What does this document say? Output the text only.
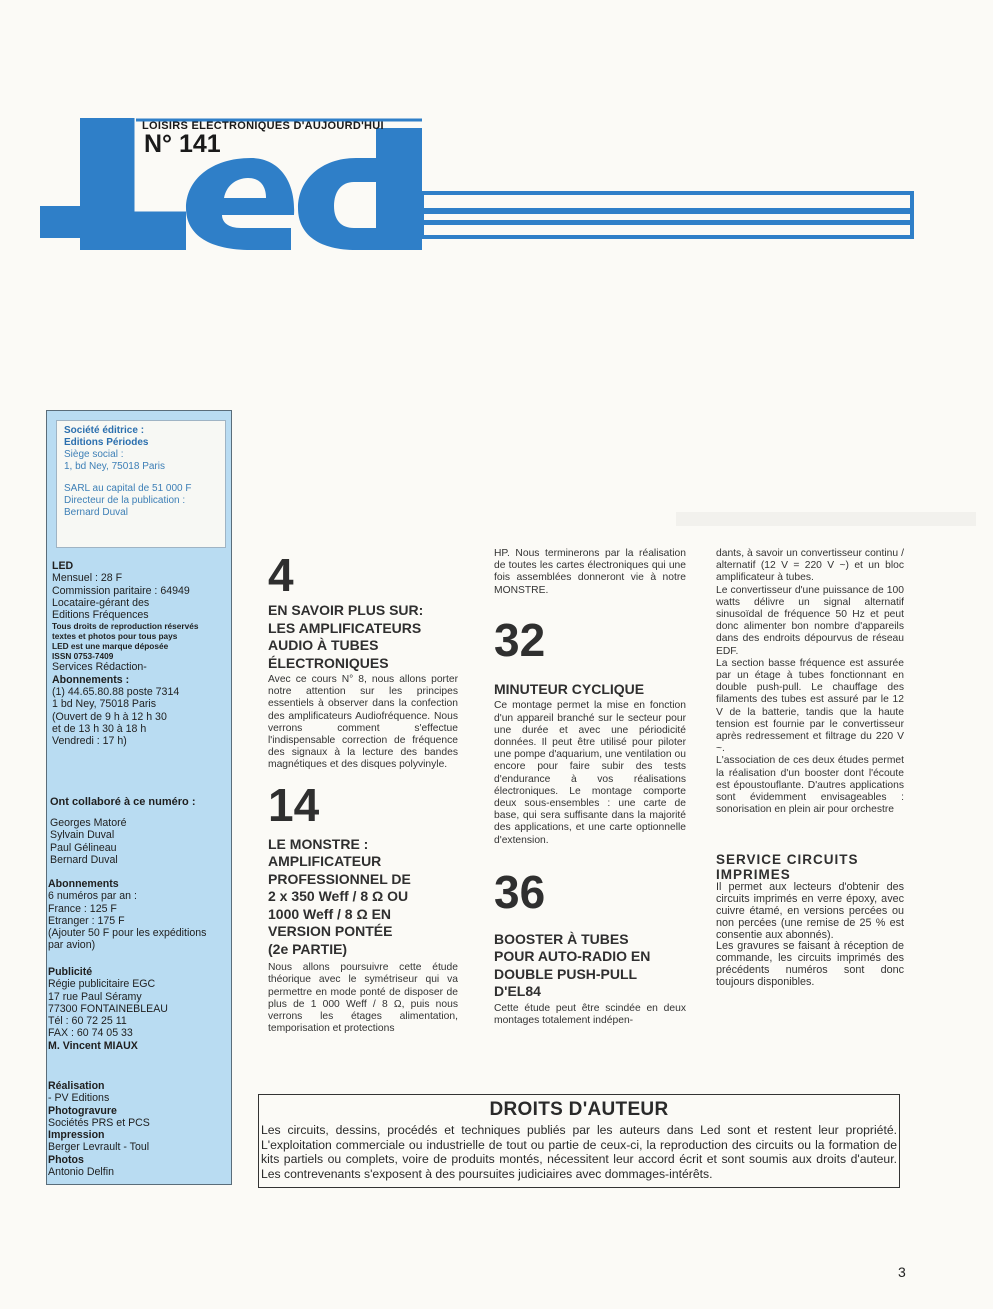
LOISIRS ELECTRONIQUES D'AUJOURD'HUI
N° 141
Société éditrice :
Editions Périodes
Siège social :
1, bd Ney, 75018 Paris
SARL au capital de 51 000 F
Directeur de la publication :
Bernard Duval
LED
Mensuel : 28 F
Commission paritaire : 64949
Locataire-gérant des
Editions Fréquences
Tous droits de reproduction réservés
textes et photos pour tous pays
LED est une marque déposée
ISSN 0753-7409
Services Rédaction-
Abonnements :
(1) 44.65.80.88 poste 7314
1 bd Ney, 75018 Paris
(Ouvert de 9 h à 12 h 30
et de 13 h 30 à 18 h
Vendredi : 17 h)
Ont collaboré à ce numéro :
Georges Matoré
Sylvain Duval
Paul Gélineau
Bernard Duval
Abonnements
6 numéros par an :
France : 125 F
Etranger : 175 F
(Ajouter 50 F pour les expéditions
par avion)
Publicité
Régie publicitaire EGC
17 rue Paul Séramy
77300 FONTAINEBLEAU
Tél : 60 72 25 11
FAX : 60 74 05 33
M. Vincent MIAUX
Réalisation
- PV Editions
Photogravure
Sociétés PRS et PCS
Impression
Berger Levrault - Toul
Photos
Antonio Delfin
4
EN SAVOIR PLUS SUR:
LES AMPLIFICATEURS
AUDIO À TUBES
ÉLECTRONIQUES
Avec ce cours N° 8, nous allons porter notre attention sur les principes essentiels à observer dans la confection des amplificateurs Audiofréquence. Nous verrons comment s'effectue l'indispensable correction de fréquence des signaux à la lecture des bandes magnétiques et des disques polyvinyle.
14
LE MONSTRE :
AMPLIFICATEUR
PROFESSIONNEL DE
2 x 350 Weff / 8 Ω OU
1000 Weff / 8 Ω EN
VERSION PONTÉE
(2e PARTIE)
Nous allons poursuivre cette étude théorique avec le symétriseur qui va permettre en mode ponté de disposer de plus de 1 000 Weff / 8 Ω, puis nous verrons les étages alimentation, temporisation et protections
HP. Nous terminerons par la réalisation de toutes les cartes électroniques qui une fois assemblées donneront vie à notre MONSTRE.
32
MINUTEUR CYCLIQUE
Ce montage permet la mise en fonction d'un appareil branché sur le secteur pour une durée et avec une périodicité données. Il peut être utilisé pour piloter une pompe d'aquarium, une ventilation ou encore pour faire subir des tests d'endurance à vos réalisations électroniques. Le montage comporte deux sous-ensembles : une carte de base, qui sera suffisante dans la majorité des applications, et une carte optionnelle d'extension.
36
BOOSTER À TUBES
POUR AUTO-RADIO EN
DOUBLE PUSH-PULL
D'EL84
Cette étude peut être scindée en deux montages totalement indépen-
dants, à savoir un convertisseur continu / alternatif (12 V = 220 V ~) et un bloc amplificateur à tubes.
Le convertisseur d'une puissance de 100 watts délivre un signal alternatif sinusoïdal de fréquence 50 Hz et peut donc alimenter bon nombre d'appareils dans des endroits dépourvus de réseau EDF.
La section basse fréquence est assurée par un étage à tubes fonctionnant en double push-pull. Le chauffage des filaments des tubes est assuré par le 12 V de la batterie, tandis que la haute tension est fournie par le convertisseur après redressement et filtrage du 220 V ~.
L'association de ces deux études permet la réalisation d'un booster dont l'écoute est époustouflante. D'autres applications sont évidemment envisageables : sonorisation en plein air pour orchestre
SERVICE CIRCUITS
IMPRIMES
Il permet aux lecteurs d'obtenir des circuits imprimés en verre époxy, avec cuivre étamé, en versions percées ou non percées (une remise de 25 % est consentie aux abonnés).
Les gravures se faisant à réception de commande, les circuits imprimés des précédents numéros sont donc toujours disponibles.
DROITS D'AUTEUR
Les circuits, dessins, procédés et techniques publiés par les auteurs dans Led sont et restent leur propriété. L'exploitation commerciale ou industrielle de tout ou partie de ceux-ci, la reproduction des circuits ou la formation de kits partiels ou complets, voire de produits montés, nécessitent leur accord écrit et sont soumis aux droits d'auteur. Les contrevenants s'exposent à des poursuites judiciaires avec dommages-intérêts.
3
